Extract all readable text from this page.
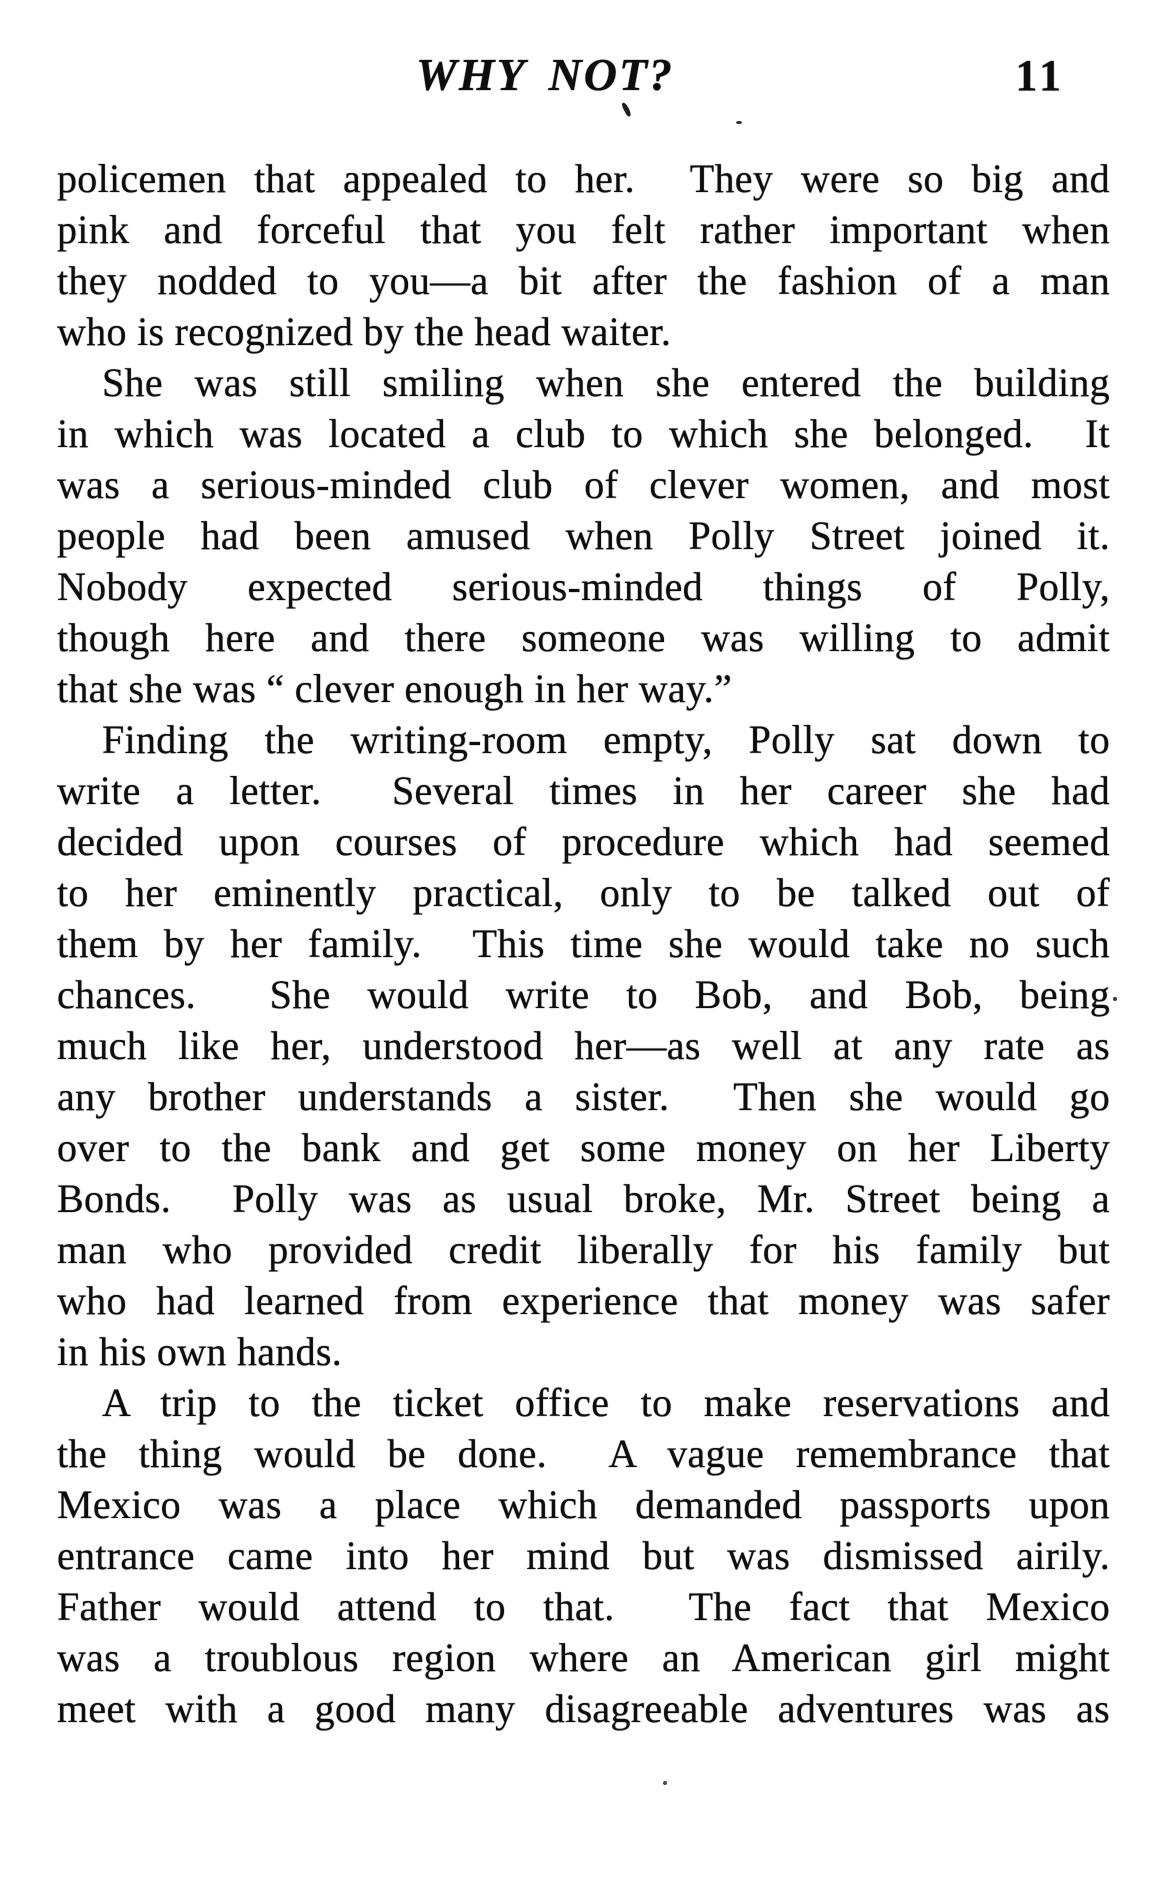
WHY NOT?	11
policemen that appealed to her.  They were so big and
pink and forceful that you felt rather important when
they nodded to you—a bit after the fashion of a man
who is recognized by the head waiter.
She was still smiling when she entered the building
in which was located a club to which she belonged.  It
was a serious-minded club of clever women, and most
people had been amused when Polly Street joined it.
Nobody expected serious-minded things of Polly,
though here and there someone was willing to admit
that she was “ clever enough in her way.”
Finding the writing-room empty, Polly sat down to
write a letter.  Several times in her career she had
decided upon courses of procedure which had seemed
to her eminently practical, only to be talked out of
them by her family.  This time she would take no such
chances.  She would write to Bob, and Bob, being
much like her, understood her—as well at any rate as
any brother understands a sister.  Then she would go
over to the bank and get some money on her Liberty
Bonds.  Polly was as usual broke, Mr. Street being a
man who provided credit liberally for his family but
who had learned from experience that money was safer
in his own hands.
A trip to the ticket office to make reservations and
the thing would be done.  A vague remembrance that
Mexico was a place which demanded passports upon
entrance came into her mind but was dismissed airily.
Father would attend to that.  The fact that Mexico
was a troublous region where an American girl might
meet with a good many disagreeable adventures was as
